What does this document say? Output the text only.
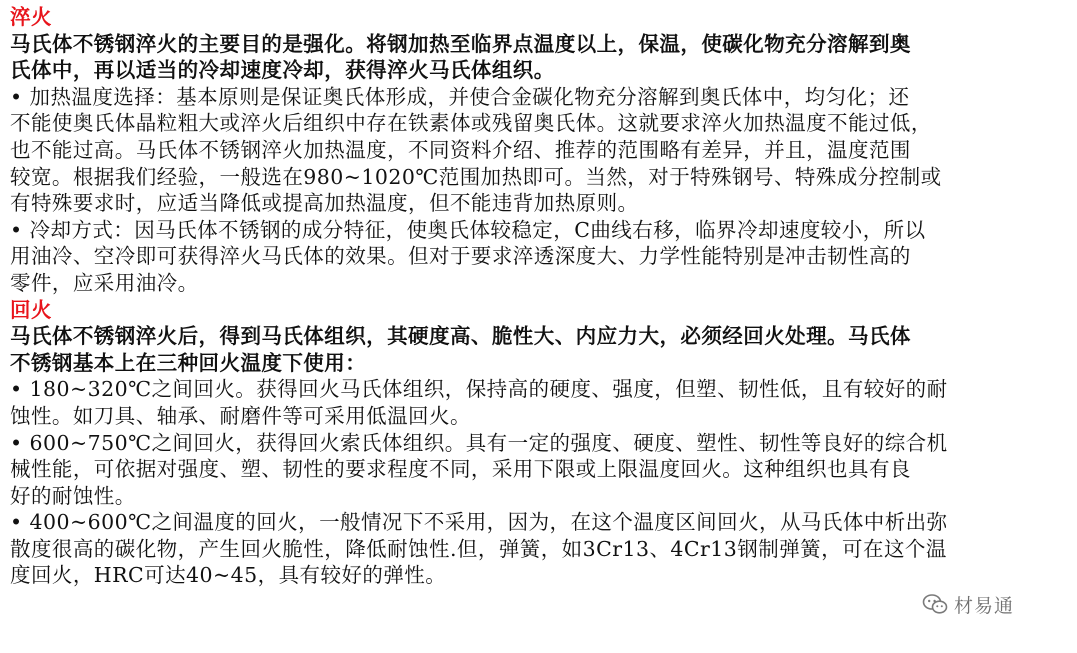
淬火
马氏体不锈钢淬火的主要目的是强化。将钢加热至临界点温度以上，保温，使碳化物充分溶解到奥
氏体中，再以适当的冷却速度冷却，获得淬火马氏体组织。
• 加热温度选择：基本原则是保证奥氏体形成，并使合金碳化物充分溶解到奥氏体中，均匀化；还
不能使奥氏体晶粒粗大或淬火后组织中存在铁素体或残留奥氏体。这就要求淬火加热温度不能过低，
也不能过高。马氏体不锈钢淬火加热温度，不同资料介绍、推荐的范围略有差异，并且，温度范围
较宽。根据我们经验，一般选在980~1020℃范围加热即可。当然，对于特殊钢号、特殊成分控制或
有特殊要求时，应适当降低或提高加热温度，但不能违背加热原则。
• 冷却方式：因马氏体不锈钢的成分特征，使奥氏体较稳定，C曲线右移，临界冷却速度较小，所以
用油冷、空冷即可获得淬火马氏体的效果。但对于要求淬透深度大、力学性能特别是冲击韧性高的
零件，应采用油冷。
回火
马氏体不锈钢淬火后，得到马氏体组织，其硬度高、脆性大、内应力大，必须经回火处理。马氏体
不锈钢基本上在三种回火温度下使用：
• 180~320℃之间回火。获得回火马氏体组织，保持高的硬度、强度，但塑、韧性低，且有较好的耐
蚀性。如刀具、轴承、耐磨件等可采用低温回火。
• 600~750℃之间回火，获得回火索氏体组织。具有一定的强度、硬度、塑性、韧性等良好的综合机
械性能，可依据对强度、塑、韧性的要求程度不同，采用下限或上限温度回火。这种组织也具有良
好的耐蚀性。
• 400~600℃之间温度的回火，一般情况下不采用，因为，在这个温度区间回火，从马氏体中析出弥
散度很高的碳化物，产生回火脆性，降低耐蚀性.但，弹簧，如3Cr13、4Cr13钢制弹簧，可在这个温
度回火，HRC可达40~45，具有较好的弹性。
材易通
